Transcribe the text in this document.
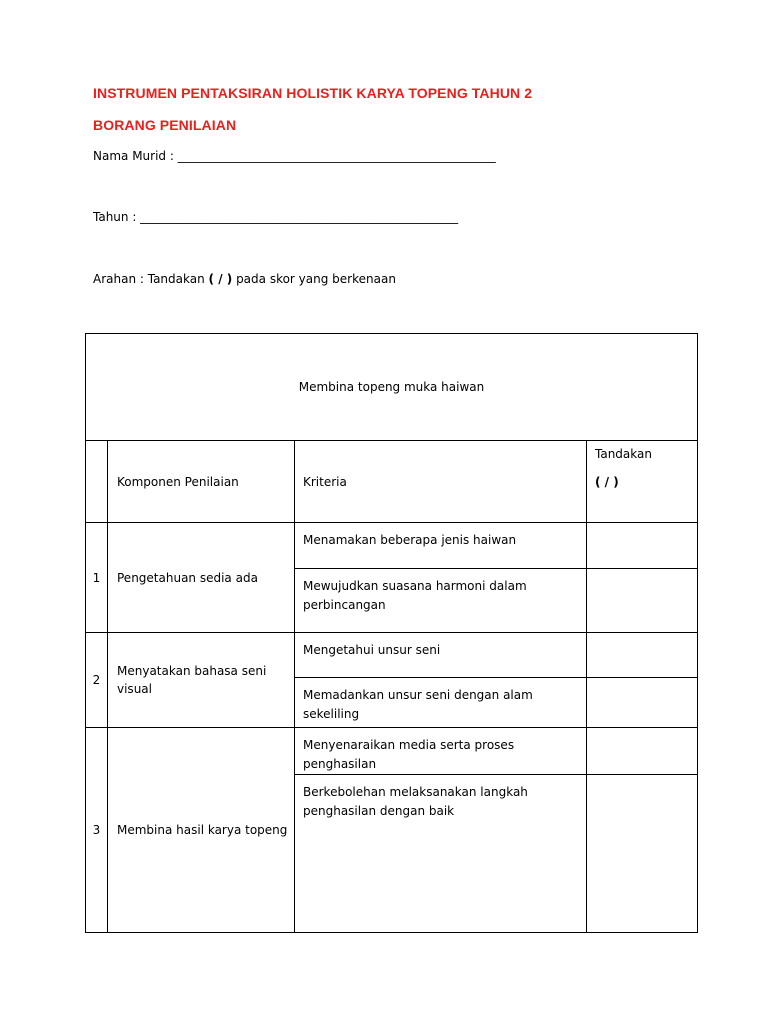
INSTRUMEN PENTAKSIRAN HOLISTIK KARYA TOPENG TAHUN 2
BORANG PENILAIAN
Nama Murid : _____________________________________________________
Tahun : _____________________________________________________
Arahan : Tandakan ( / ) pada skor yang berkenaan
Membina topeng muka haiwan			
	Komponen Penilaian	Kriteria	Tandakan
( / )

1	Pengetahuan sedia ada	Menamakan beberapa jenis haiwan	
		Mewujudkan suasana harmoni dalam perbincangan	
2	Menyatakan bahasa seni visual	Mengetahui unsur seni	
		Memadankan unsur seni dengan alam sekeliling	
3	Membina hasil karya topeng	Menyenaraikan media serta proses penghasilan	
		Berkebolehan melaksanakan langkah penghasilan dengan baik	
